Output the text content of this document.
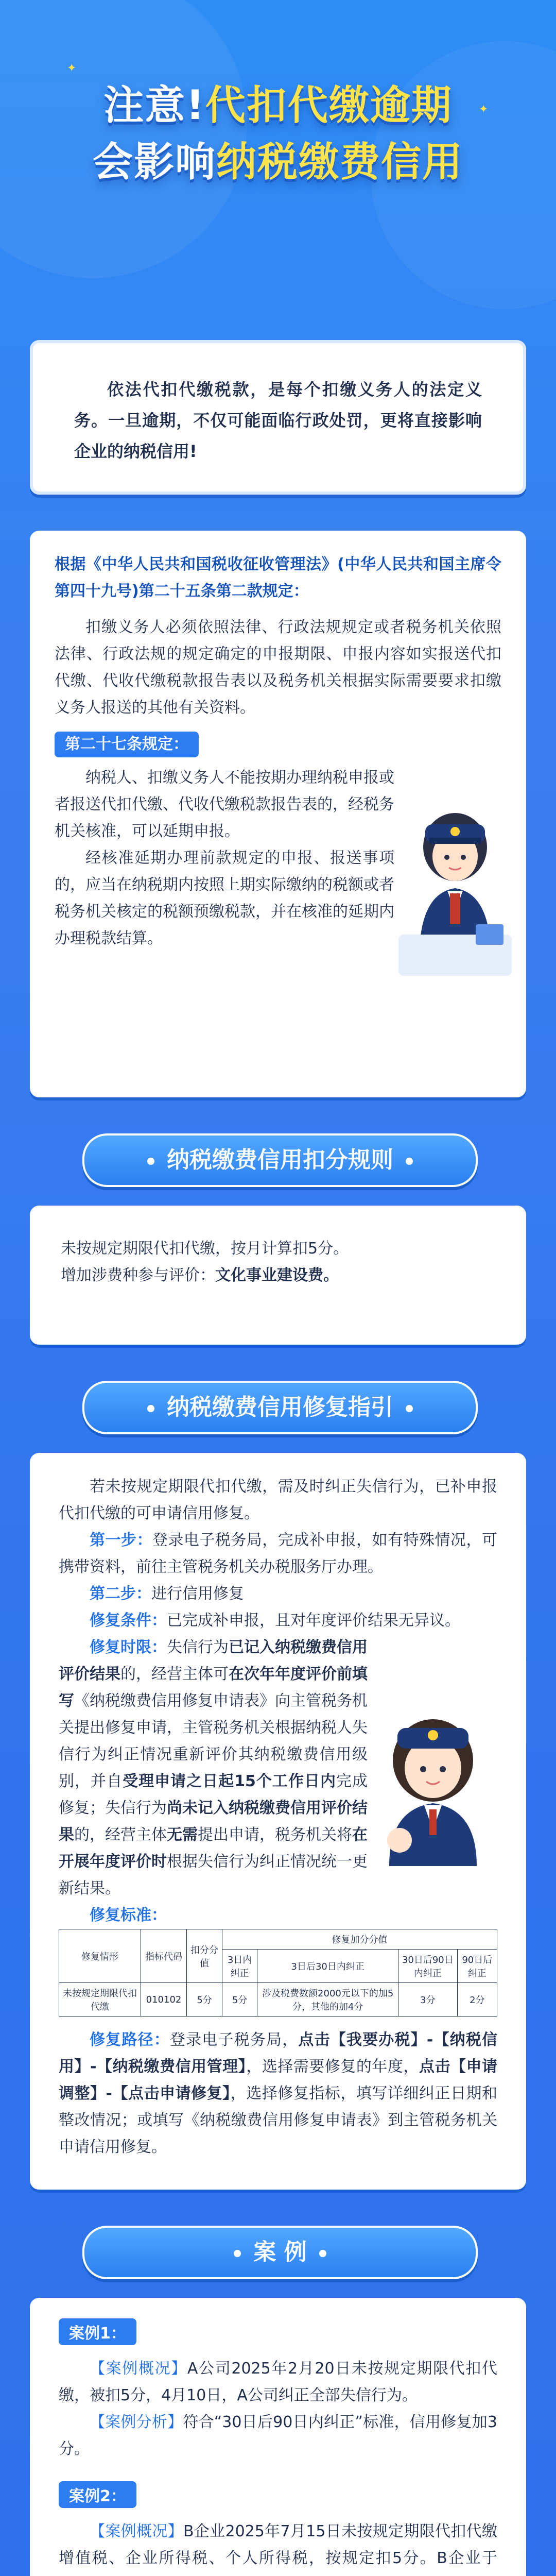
✦
✦
注意!代扣代缴逾期
会影响纳税缴费信用

依法代扣代缴税款，是每个扣缴义务人的法定义务。一旦逾期，不仅可能面临行政处罚，更将直接影响企业的纳税信用!

根据《中华人民共和国税收征收管理法》(中华人民共和国主席令第四十九号)第二十五条第二款规定：

扣缴义务人必须依照法律、行政法规规定或者税务机关依照法律、行政法规的规定确定的申报期限、申报内容如实报送代扣代缴、代收代缴税款报告表以及税务机关根据实际需要要求扣缴义务人报送的其他有关资料。

第二十七条规定：

纳税人、扣缴义务人不能按期办理纳税申报或者报送代扣代缴、代收代缴税款报告表的，经税务机关核准，可以延期申报。

经核准延期办理前款规定的申报、报送事项的，应当在纳税期内按照上期实际缴纳的税额或者税务机关核定的税额预缴税款，并在核准的延期内办理税款结算。

纳税缴费信用扣分规则

未按规定期限代扣代缴，按月计算扣5分。

增加涉费种参与评价：文化事业建设费。

纳税缴费信用修复指引

若未按规定期限代扣代缴，需及时纠正失信行为，已补申报代扣代缴的可申请信用修复。

第一步：登录电子税务局，完成补申报，如有特殊情况，可携带资料，前往主管税务机关办税服务厅办理。

第二步：进行信用修复

修复条件：已完成补申报，且对年度评价结果无异议。

修复时限：失信行为已记入纳税缴费信用评价结果的，经营主体可在次年年度评价前填写《纳税缴费信用修复申请表》向主管税务机关提出修复申请，主管税务机关根据纳税人失信行为纠正情况重新评价其纳税缴费信用级别，并自受理申请之日起15个工作日内完成修复；失信行为尚未记入纳税缴费信用评价结果的，经营主体无需提出申请，税务机关将在开展年度评价时根据失信行为纠正情况统一更新结果。

修复标准：

修复情形	指标代码	扣分分值	修复加分分值			
			3日内纠正	3日后30日内纠正	30日后90日内纠正	90日后纠正
未按规定期限代扣代缴	010102	5分	5分	涉及税费数额2000元以下的加5分，其他的加4分	3分	2分

修复路径：登录电子税务局，点击【我要办税】-【纳税信用】-【纳税缴费信用管理】，选择需要修复的年度，点击【申请调整】-【点击申请修复】，选择修复指标，填写详细纠正日期和整改情况；或填写《纳税缴费信用修复申请表》到主管税务机关申请信用修复。

案 例
案例1：

【案例概况】A公司2025年2月20日未按规定期限代扣代缴，被扣5分，4月10日，A公司纠正全部失信行为。

【案例分析】符合“30日后90日内纠正”标准，信用修复加3分。

案例2：

【案例概况】B企业2025年7月15日未按规定期限代扣代缴增值税、企业所得税、个人所得税，按规定扣5分。B企业于
